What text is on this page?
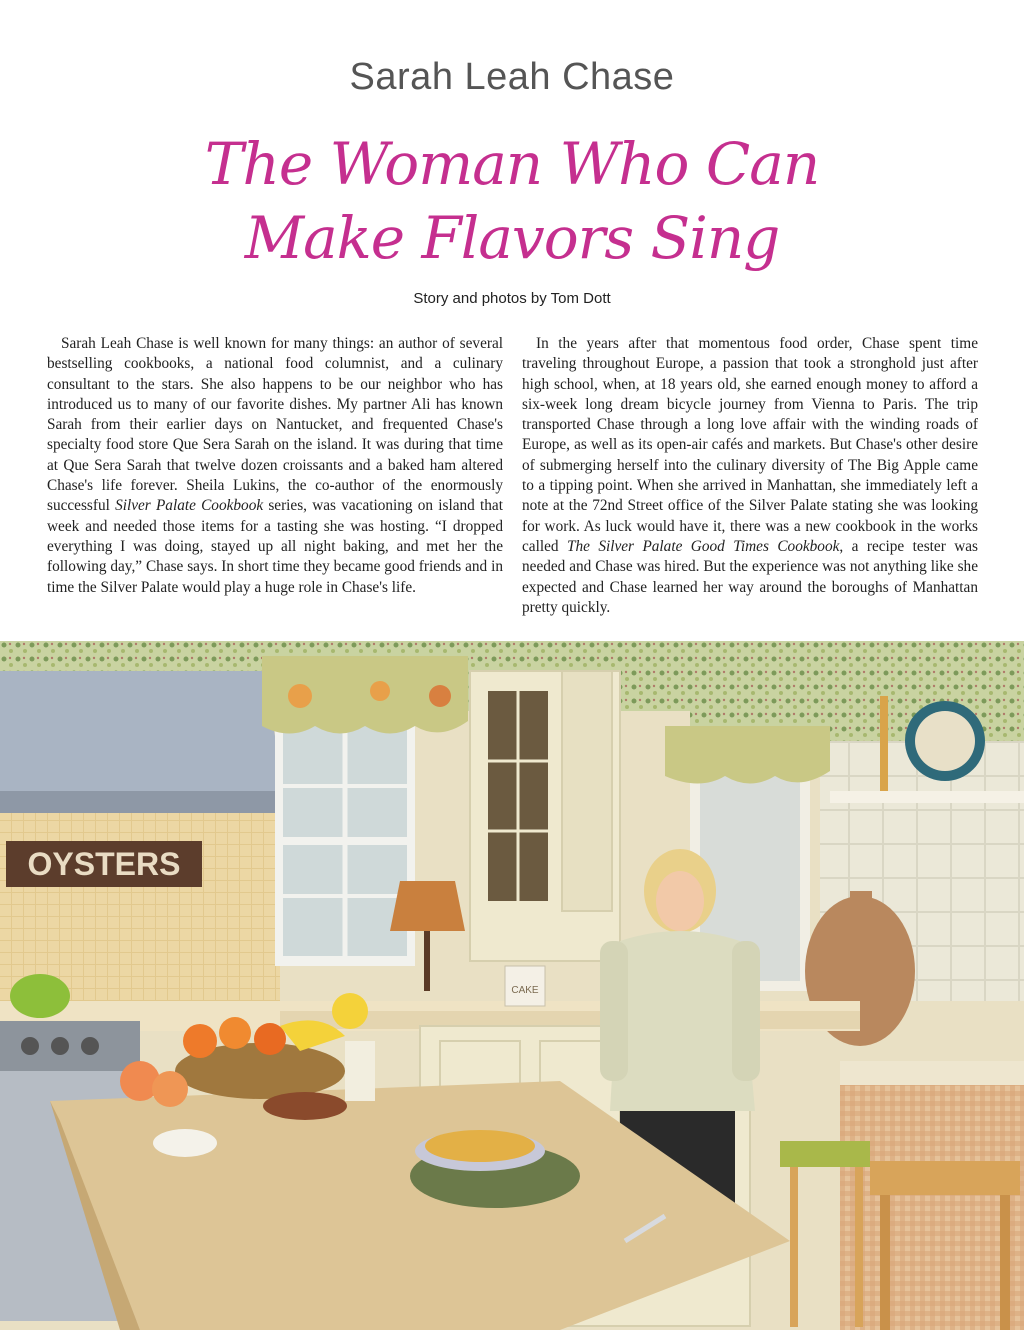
Sarah Leah Chase
The Woman Who Can
Make Flavors Sing
Story and photos by Tom Dott

Sarah Leah Chase is well known for many things: an author of several bestselling cookbooks, a national food columnist, and a culinary consultant to the stars. She also happens to be our neighbor who has introduced us to many of our favorite dishes. My partner Ali has known Sarah from their earlier days on Nantucket, and frequented Chase's specialty food store Que Sera Sarah on the island. It was during that time at Que Sera Sarah that twelve dozen croissants and a baked ham altered Chase's life forever. Sheila Lukins, the co-author of the enormously successful Silver Palate Cookbook series, was vacationing on island that week and needed those items for a tasting she was hosting. “I dropped everything I was doing, stayed up all night baking, and met her the following day,” Chase says. In short time they became good friends and in time the Silver Palate would play a huge role in Chase's life.

In the years after that momentous food order, Chase spent time traveling throughout Europe, a passion that took a stronghold just after high school, when, at 18 years old, she earned enough money to afford a six-week long dream bicycle journey from Vienna to Paris. The trip transported Chase through a long love affair with the winding roads of Europe, as well as its open-air cafés and markets. But Chase's other desire of submerging herself into the culinary diversity of The Big Apple came to a tipping point. When she arrived in Manhattan, she immediately left a note at the 72nd Street office of the Silver Palate stating she was looking for work. As luck would have it, there was a new cookbook in the works called The Silver Palate Good Times Cookbook, a recipe tester was needed and Chase was hired. But the experience was not anything like she expected and Chase learned her way around the boroughs of Manhattan pretty quickly.

OYSTERS
CAKE
